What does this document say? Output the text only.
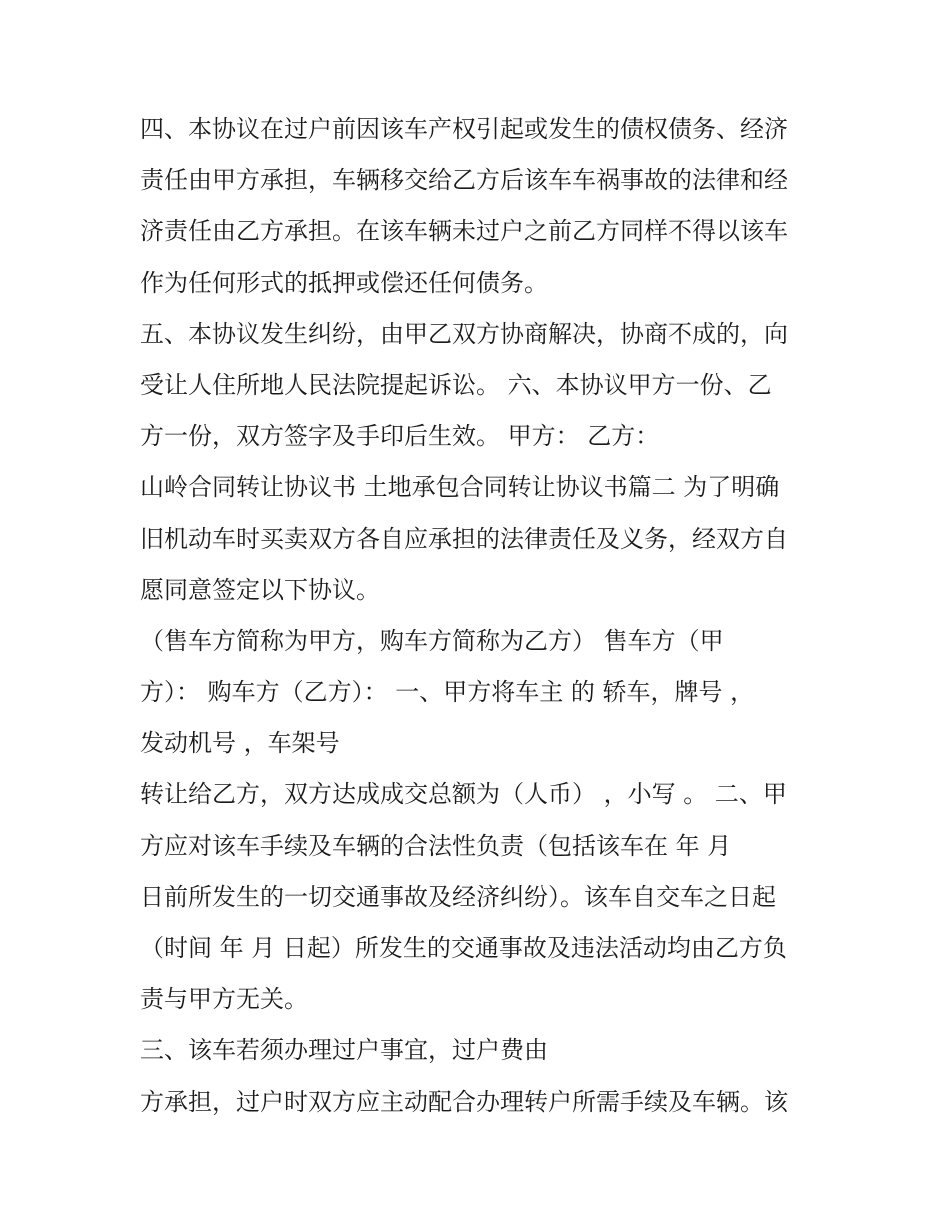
四、本协议在过户前因该车产权引起或发生的债权债务、经济
责任由甲方承担，车辆移交给乙方后该车车祸事故的法律和经
济责任由乙方承担。在该车辆未过户之前乙方同样不得以该车
作为任何形式的抵押或偿还任何债务。
五、本协议发生纠纷，由甲乙双方协商解决，协商不成的，向
受让人住所地人民法院提起诉讼。 六、本协议甲方一份、乙
方一份，双方签字及手印后生效。 甲方： 乙方：
山岭合同转让协议书 土地承包合同转让协议书篇二 为了明确
旧机动车时买卖双方各自应承担的法律责任及义务，经双方自
愿同意签定以下协议。
（售车方简称为甲方，购车方简称为乙方） 售车方（甲
方）： 购车方（乙方）： 一、甲方将车主 的 轿车，牌号 ，
发动机号 ，车架号
转让给乙方，双方达成成交总额为（人币） ，小写 。 二、甲
方应对该车手续及车辆的合法性负责（包括该车在 年 月
日前所发生的一切交通事故及经济纠纷）。该车自交车之日起
（时间 年 月 日起）所发生的交通事故及违法活动均由乙方负
责与甲方无关。
三、该车若须办理过户事宜，过户费由
方承担，过户时双方应主动配合办理转户所需手续及车辆。该
